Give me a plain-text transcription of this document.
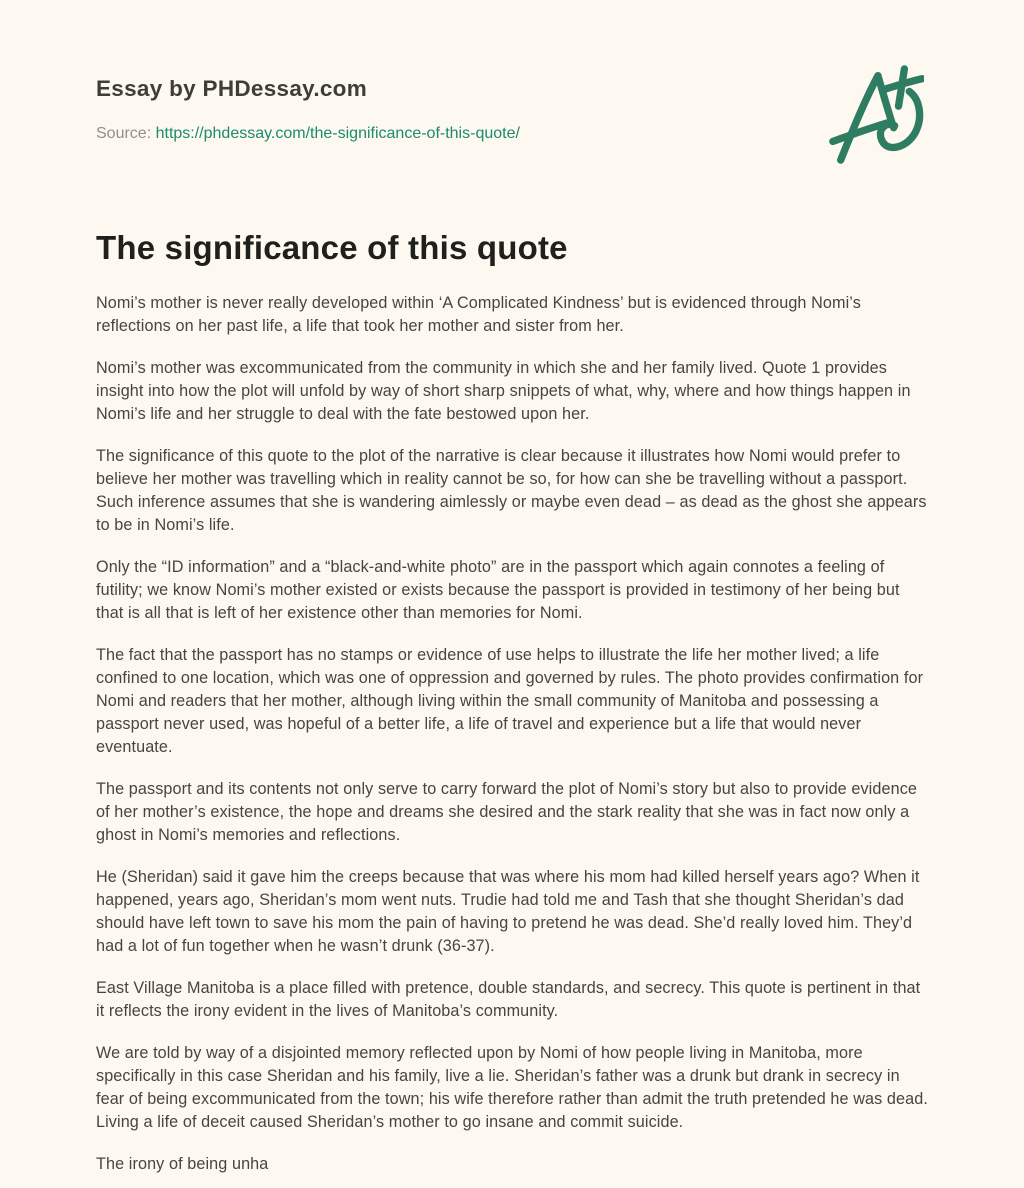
Essay by PHDessay.com
Source: https://phdessay.com/the-significance-of-this-quote/
The significance of this quote

Nomi’s mother is never really developed within ‘A Complicated Kindness’ but is evidenced through Nomi’s reflections on her past life, a life that took her mother and sister from her.

Nomi’s mother was excommunicated from the community in which she and her family lived. Quote 1 provides insight into how the plot will unfold by way of short sharp snippets of what, why, where and how things happen in Nomi’s life and her struggle to deal with the fate bestowed upon her.

The significance of this quote to the plot of the narrative is clear because it illustrates how Nomi would prefer to believe her mother was travelling which in reality cannot be so, for how can she be travelling without a passport. Such inference assumes that she is wandering aimlessly or maybe even dead – as dead as the ghost she appears to be in Nomi’s life.

Only the “ID information” and a “black-and-white photo” are in the passport which again connotes a feeling of futility; we know Nomi’s mother existed or exists because the passport is provided in testimony of her being but that is all that is left of her existence other than memories for Nomi.

The fact that the passport has no stamps or evidence of use helps to illustrate the life her mother lived; a life confined to one location, which was one of oppression and governed by rules. The photo provides confirmation for Nomi and readers that her mother, although living within the small community of Manitoba and possessing a passport never used, was hopeful of a better life, a life of travel and experience but a life that would never eventuate.

The passport and its contents not only serve to carry forward the plot of Nomi’s story but also to provide evidence of her mother’s existence, the hope and dreams she desired and the stark reality that she was in fact now only a ghost in Nomi’s memories and reflections.

He (Sheridan) said it gave him the creeps because that was where his mom had killed herself years ago? When it happened, years ago, Sheridan’s mom went nuts. Trudie had told me and Tash that she thought Sheridan’s dad should have left town to save his mom the pain of having to pretend he was dead. She’d really loved him. They’d had a lot of fun together when he wasn’t drunk (36-37).

East Village Manitoba is a place filled with pretence, double standards, and secrecy. This quote is pertinent in that it reflects the irony evident in the lives of Manitoba’s community.

We are told by way of a disjointed memory reflected upon by Nomi of how people living in Manitoba, more specifically in this case Sheridan and his family, live a lie. Sheridan’s father was a drunk but drank in secrecy in fear of being excommunicated from the town; his wife therefore rather than admit the truth pretended he was dead. Living a life of deceit caused Sheridan’s mother to go insane and commit suicide.

The irony of being unha
